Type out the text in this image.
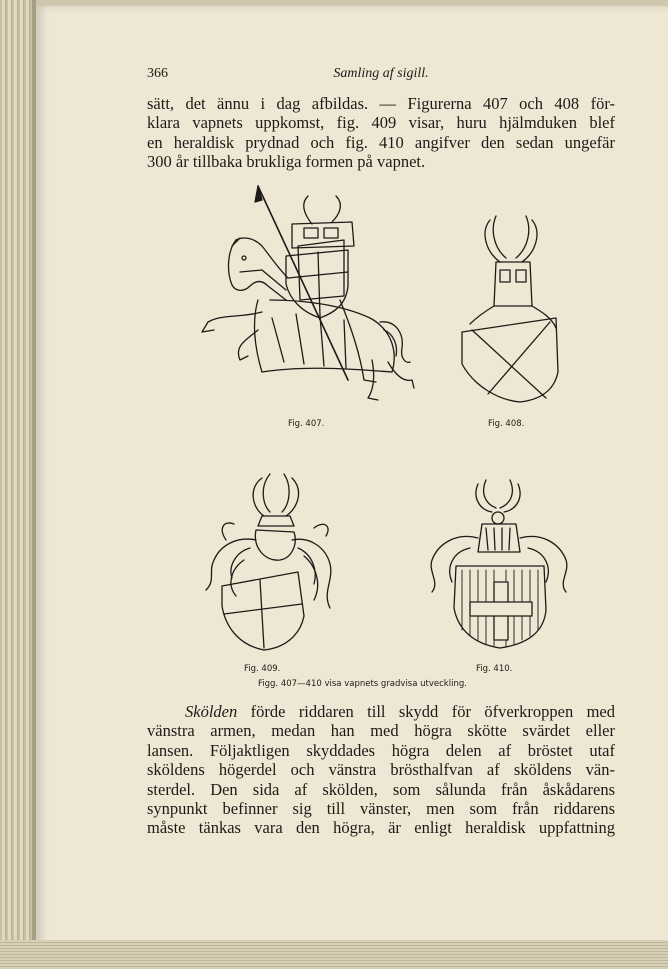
366	Samling af sigill.
sätt, det ännu i dag afbildas. — Figurerna 407 och 408 för-
klara vapnets uppkomst, fig. 409 visar, huru hjälmduken blef
en heraldisk prydnad och fig. 410 angifver den sedan ungefär
300 år tillbaka brukliga formen på vapnet.
Fig. 407.	Fig. 408.
Fig. 409.	Fig. 410.
Figg. 407—410 visa vapnets gradvisa utveckling.
Skölden förde riddaren till skydd för öfverkroppen med
vänstra armen, medan han med högra skötte svärdet eller
lansen. Följaktligen skyddades högra delen af bröstet utaf
sköldens högerdel och vänstra brösthalfvan af sköldens vän-
sterdel. Den sida af skölden, som sålunda från åskådarens
synpunkt befinner sig till vänster, men som från riddarens
måste tänkas vara den högra, är enligt heraldisk uppfattning
